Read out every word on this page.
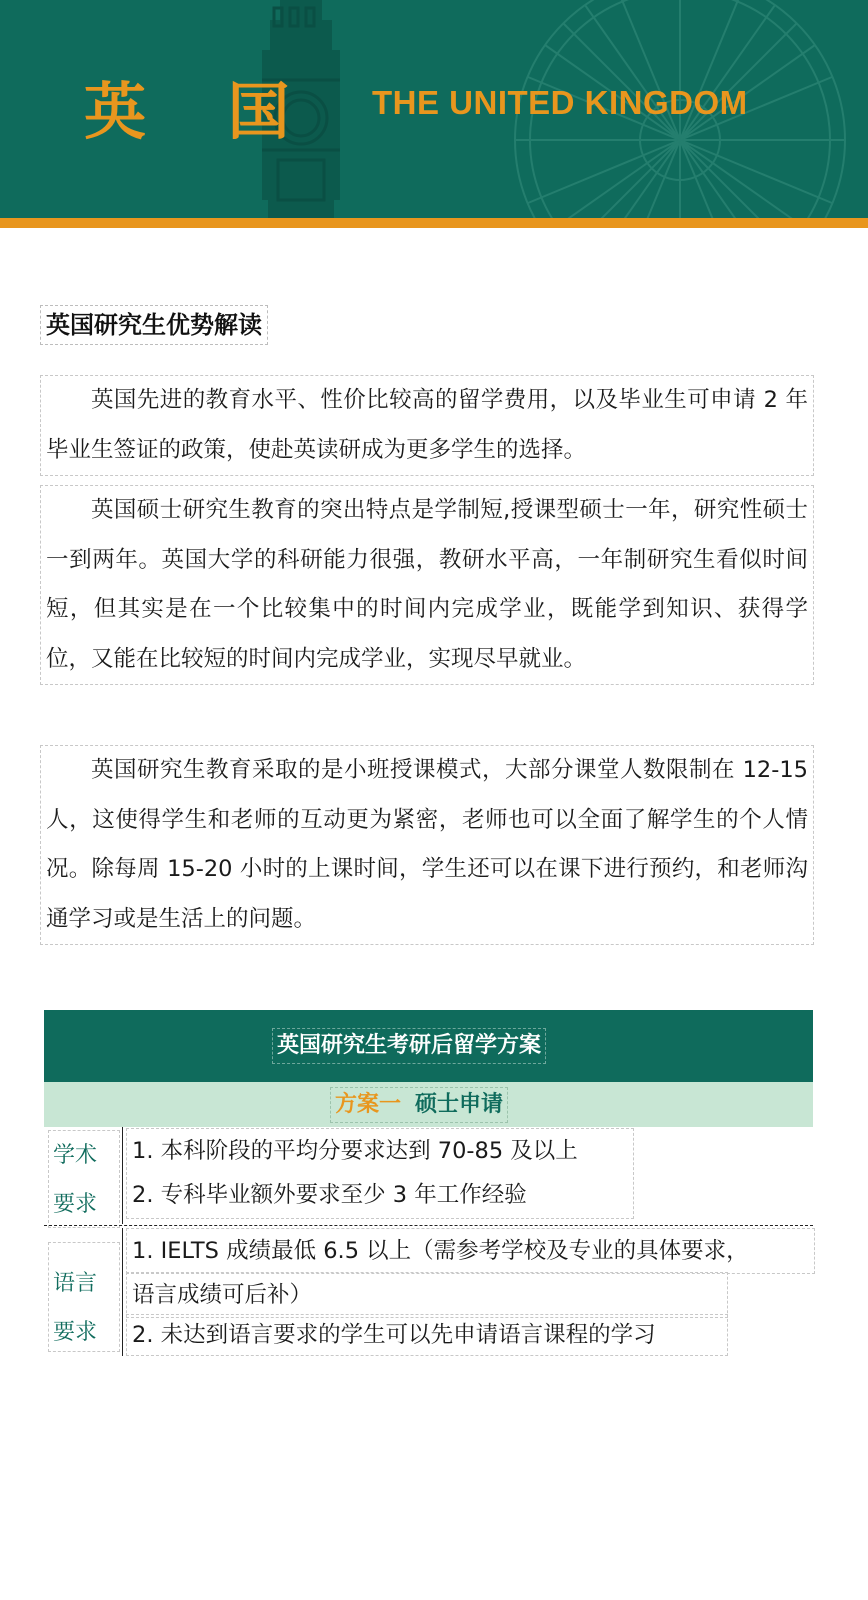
英 国 THE UNITED KINGDOM
英国研究生优势解读
英国先进的教育水平、性价比较高的留学费用，以及毕业生可申请 2 年毕业生签证的政策，使赴英读研成为更多学生的选择。
英国硕士研究生教育的突出特点是学制短,授课型硕士一年，研究性硕士一到两年。英国大学的科研能力很强，教研水平高，一年制研究生看似时间短，但其实是在一个比较集中的时间内完成学业，既能学到知识、获得学位，又能在比较短的时间内完成学业，实现尽早就业。
英国研究生教育采取的是小班授课模式，大部分课堂人数限制在 12-15 人，这使得学生和老师的互动更为紧密，老师也可以全面了解学生的个人情况。除每周 15-20 小时的上课时间，学生还可以在课下进行预约，和老师沟通学习或是生活上的问题。
英国研究生考研后留学方案
方案一 硕士申请
学术
要求
1. 本科阶段的平均分要求达到 70-85 及以上
2. 专科毕业额外要求至少 3 年工作经验
语言
要求
1. IELTS 成绩最低 6.5 以上（需参考学校及专业的具体要求，
语言成绩可后补）
2. 未达到语言要求的学生可以先申请语言课程的学习
